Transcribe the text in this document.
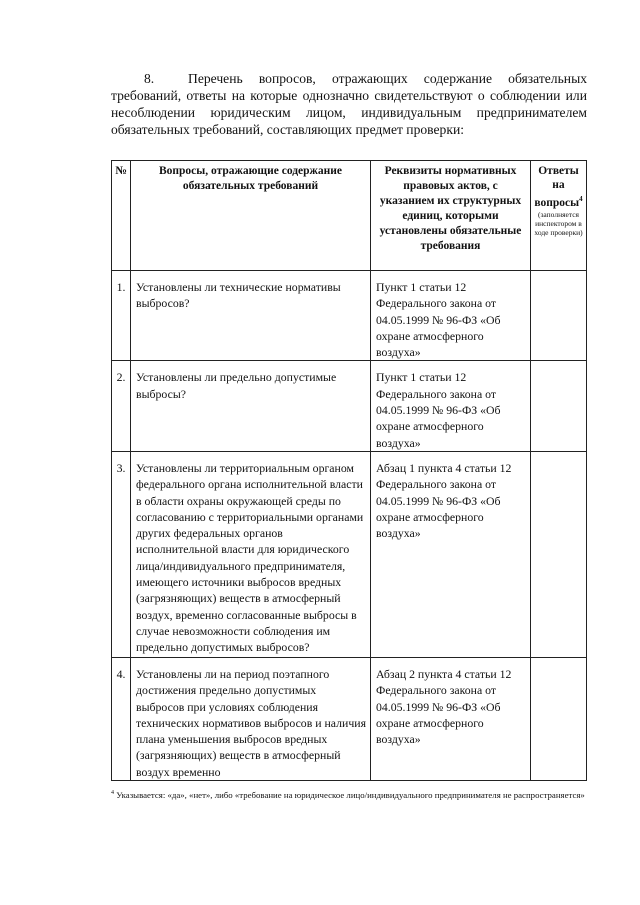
8. Перечень вопросов, отражающих содержание обязательных требований, ответы на которые однозначно свидетельствуют о соблюдении или несоблюдении юридическим лицом, индивидуальным предпринимателем обязательных требований, составляющих предмет проверки:
№	Вопросы, отражающие содержание обязательных требований	Реквизиты нормативных правовых актов, с указанием их структурных единиц, которыми установлены обязательные требования	Ответы на вопросы$^4$
(заполняется инспектором в ходе проверки)

1.	Установлены ли технические нормативы выбросов?	Пункт 1 статьи 12 Федерального закона от 04.05.1999 № 96-ФЗ «Об охране атмосферного воздуха»	
2.	Установлены ли предельно допустимые выбросы?	Пункт 1 статьи 12 Федерального закона от 04.05.1999 № 96-ФЗ «Об охране атмосферного воздуха»	
3.	Установлены ли территориальным органом федерального органа исполнительной власти в области охраны окружающей среды по согласованию с территориальными органами других федеральных органов исполнительной власти для юридического лица/индивидуального предпринимателя, имеющего источники выбросов вредных (загрязняющих) веществ в атмосферный воздух, временно согласованные выбросы в случае невозможности соблюдения им предельно допустимых выбросов?	Абзац 1 пункта 4 статьи 12 Федерального закона от 04.05.1999 № 96-ФЗ «Об охране атмосферного воздуха»	
4.	Установлены ли на период поэтапного достижения предельно допустимых выбросов при условиях соблюдения технических нормативов выбросов и наличия плана уменьшения выбросов вредных (загрязняющих) веществ в атмосферный воздух временно	Абзац 2 пункта 4 статьи 12 Федерального закона от 04.05.1999 № 96-ФЗ «Об охране атмосферного воздуха»	
$^4$ Указывается: «да», «нет», либо «требование на юридическое лицо/индивидуального предпринимателя не распространяется»
